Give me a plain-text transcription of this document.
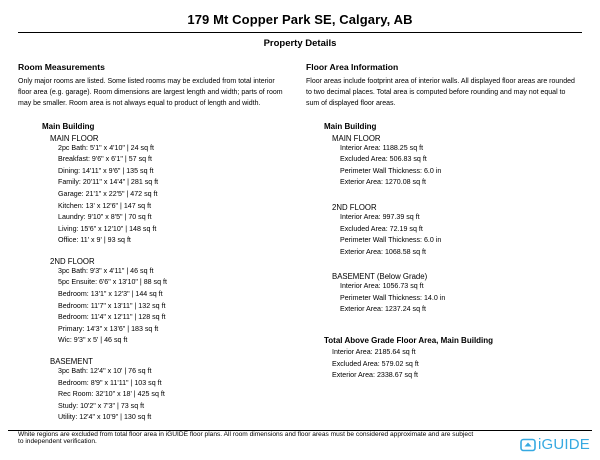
179 Mt Copper Park SE, Calgary, AB
Property Details
Room Measurements
Only major rooms are listed. Some listed rooms may be excluded from total interior floor area (e.g. garage). Room dimensions are largest length and width; parts of room may be smaller. Room area is not always equal to product of length and width.
Main Building
MAIN FLOOR
2pc Bath: 5'1" x 4'10" | 24 sq ft
Breakfast: 9'6" x 6'1" | 57 sq ft
Dining: 14'11" x 9'6" | 135 sq ft
Family: 20'11" x 14'4" | 281 sq ft
Garage: 21'1" x 22'5" | 472 sq ft
Kitchen: 13' x 12'6" | 147 sq ft
Laundry: 9'10" x 8'5" | 70 sq ft
Living: 15'6" x 12'10" | 148 sq ft
Office: 11' x 9' | 93 sq ft
2ND FLOOR
3pc Bath: 9'3" x 4'11" | 46 sq ft
5pc Ensuite: 6'6" x 13'10" | 88 sq ft
Bedroom: 13'1" x 12'3" | 144 sq ft
Bedroom: 11'7" x 13'11" | 132 sq ft
Bedroom: 11'4" x 12'11" | 128 sq ft
Primary: 14'3" x 13'6" | 183 sq ft
Wic: 9'3" x 5' | 46 sq ft
BASEMENT
3pc Bath: 12'4" x 10' | 76 sq ft
Bedroom: 8'9" x 11'11" | 103 sq ft
Rec Room: 32'10" x 18' | 425 sq ft
Study: 10'2" x 7'3" | 73 sq ft
Utility: 12'4" x 10'9" | 130 sq ft
Floor Area Information
Floor areas include footprint area of interior walls. All displayed floor areas are rounded to two decimal places. Total area is computed before rounding and may not equal to sum of displayed floor areas.
Main Building
MAIN FLOOR
Interior Area: 1188.25 sq ft
Excluded Area: 506.83 sq ft
Perimeter Wall Thickness: 6.0 in
Exterior Area: 1270.08 sq ft
2ND FLOOR
Interior Area: 997.39 sq ft
Excluded Area: 72.19 sq ft
Perimeter Wall Thickness: 6.0 in
Exterior Area: 1068.58 sq ft
BASEMENT (Below Grade)
Interior Area: 1056.73 sq ft
Perimeter Wall Thickness: 14.0 in
Exterior Area: 1237.24 sq ft
Total Above Grade Floor Area, Main Building
Interior Area: 2185.64 sq ft
Excluded Area: 579.02 sq ft
Exterior Area: 2338.67 sq ft
White regions are excluded from total floor area in iGUIDE floor plans. All room dimensions and floor areas must be considered approximate and are subject to independent verification.	iGUIDE
